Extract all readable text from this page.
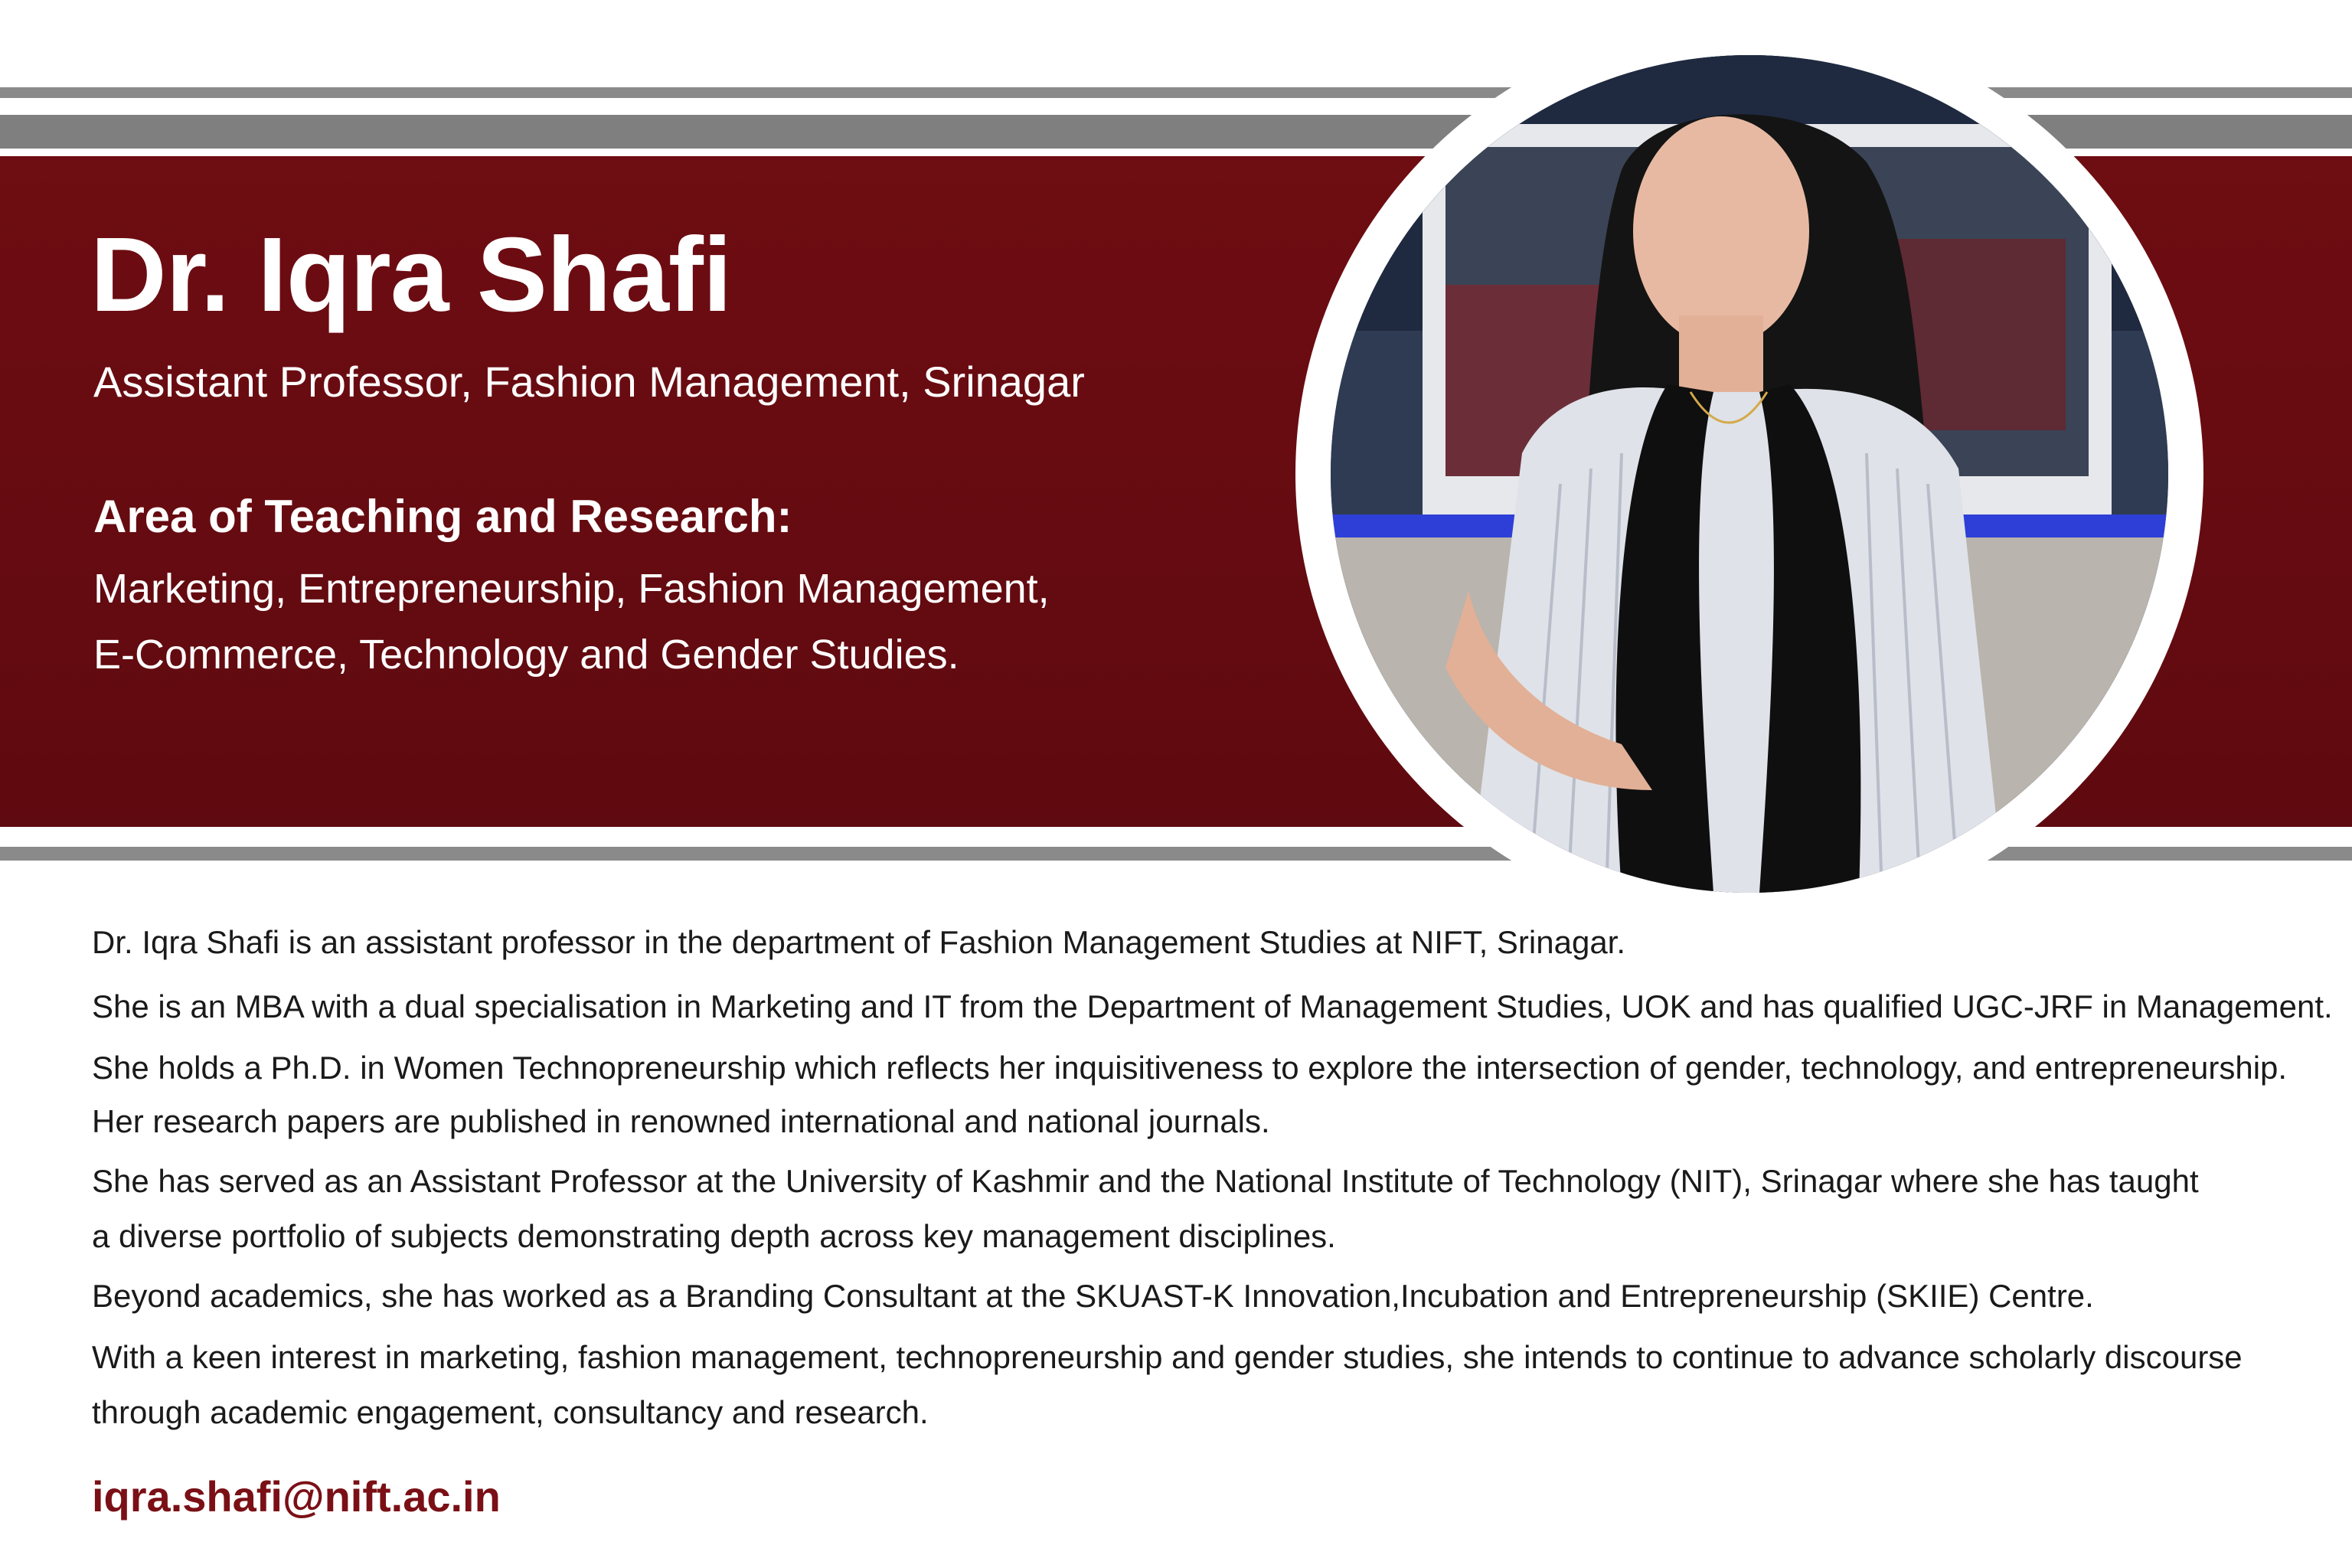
Dr. Iqra Shafi

Assistant Professor, Fashion Management, Srinagar

Area of Teaching and Research:

Marketing, Entrepreneurship, Fashion Management,

E-Commerce, Technology and Gender Studies.

Dr. Iqra Shafi is an assistant professor in the department of Fashion Management Studies at NIFT, Srinagar.

She is an MBA with a dual specialisation in Marketing and IT from the Department of Management Studies, UOK and has qualified UGC-JRF in Management.

She holds a Ph.D. in Women Technopreneurship which reflects her inquisitiveness to explore the intersection of gender, technology, and entrepreneurship.

Her research papers are published in renowned international and national journals.

She has served as an Assistant Professor at the University of Kashmir and the National Institute of Technology (NIT), Srinagar where she has taught

a diverse portfolio of subjects demonstrating depth across key management disciplines.

Beyond academics, she has worked as a Branding Consultant at the SKUAST-K Innovation,Incubation and Entrepreneurship (SKIIE) Centre.

With a keen interest in marketing, fashion management, technopreneurship and gender studies, she intends to continue to advance scholarly discourse

through academic engagement, consultancy and research.

iqra.shafi@nift.ac.in
